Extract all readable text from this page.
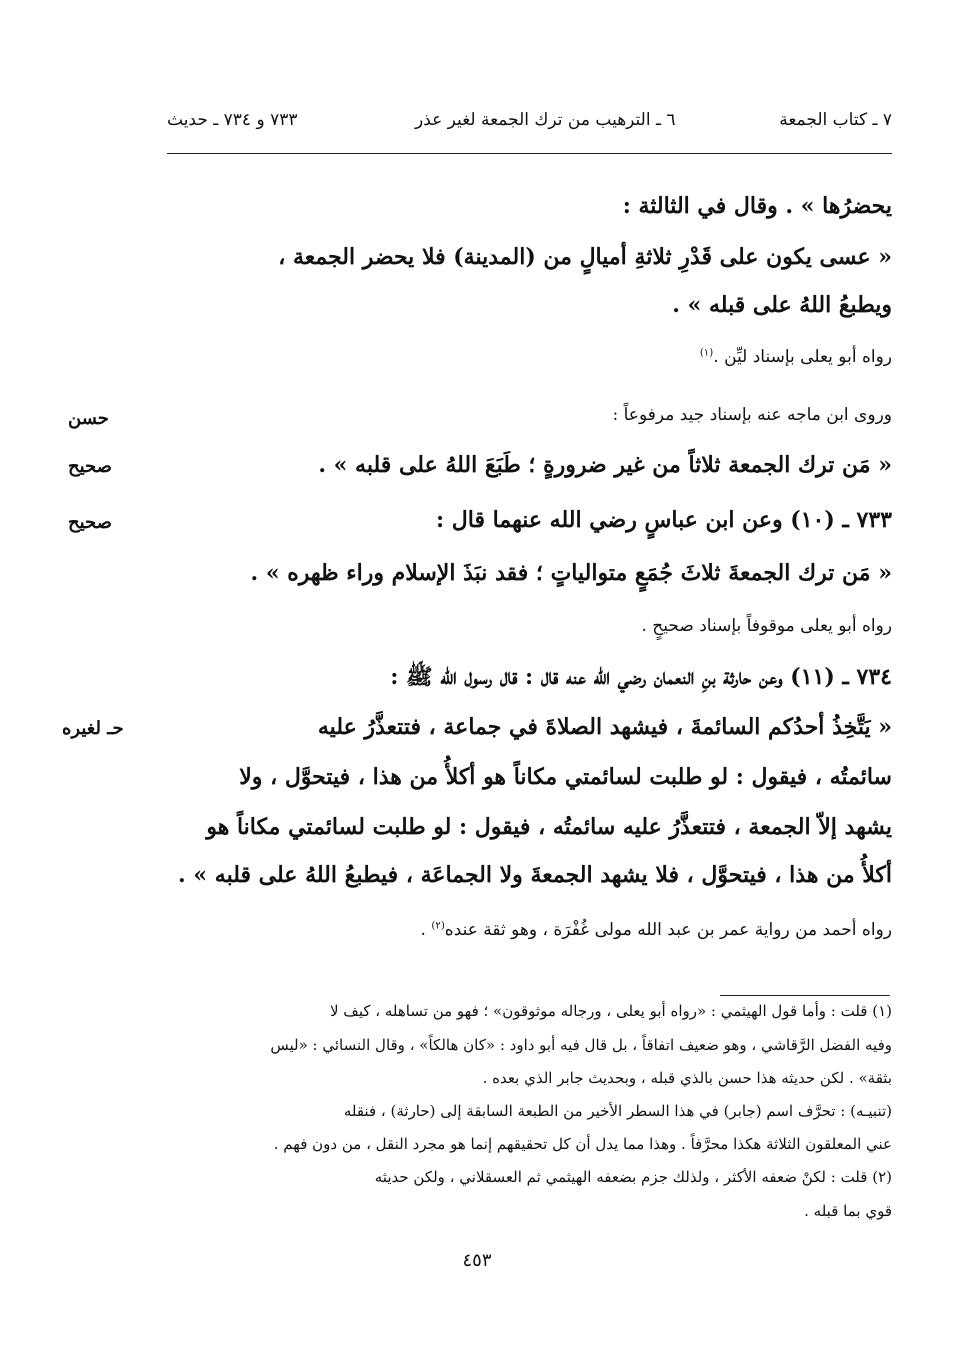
٧ ـ كتاب الجمعة
٦ ـ الترهيب من ترك الجمعة لغير عذر
٧٣٣ و ٧٣٤ ـ حديث
يحضرُها » . وقال في الثالثة :
« عسى يكون على قَدْرِ ثلاثةِ أميالٍ من (المدينة) فلا يحضر الجمعة ،
ويطبعُ اللهُ على قبله » .
رواه أبو يعلى بإسناد ليِّن .$^{(١)}$
وروى ابن ماجه عنه بإسناد جيد مرفوعاً :
« مَن ترك الجمعة ثلاثاً من غير ضرورةٍ ؛ طَبَعَ اللهُ على قلبه » .
٧٣٣ ـ (١٠) وعن ابن عباسٍ رضي الله عنهما قال :
« مَن ترك الجمعةَ ثلاثَ جُمَعٍ متوالياتٍ ؛ فقد نبَذَ الإسلام وراء ظهره » .
رواه أبو يعلى موقوفاً بإسناد صحيحٍ .
٧٣٤ ـ (١١) وعن حارثة بنِ النعمان رضي الله عنه قال : قال رسول الله ﷺ :
« يَتَّخِذُ أحدُكم السائمةَ ، فيشهد الصلاةَ في جماعة ، فتتعذَّرُ عليه
سائمتُه ، فيقول : لو طلبت لسائمتي مكاناً هو أكلأُ من هذا ، فيتحوَّل ، ولا
يشهد إلاّ الجمعة ، فتتعذَّرُ عليه سائمتُه ، فيقول : لو طلبت لسائمتي مكاناً هو
أكلأُ من هذا ، فيتحوَّل ، فلا يشهد الجمعةَ ولا الجماعَة ، فيطبعُ اللهُ على قلبه » .
رواه أحمد من رواية عمر بن عبد الله مولى غُفْرَة ، وهو ثقة عنده$^{(٢)}$ .
حسن
صحيح
صحيح
حـ لغيره
(١) قلت : وأما قول الهيثمي : «رواه أبو يعلى ، ورجاله موثوقون» ؛ فهو من تساهله ، كيف لا
وفيه الفضل الرَّقاشي ، وهو ضعيف اتفاقاً ، بل قال فيه أبو داود : «كان هالكاً» ، وقال النسائي : «ليس
بثقة» . لكن حديثه هذا حسن بالذي قبله ، وبحديث جابر الذي بعده .
(تنبيـه) : تحرَّف اسم (جابر) في هذا السطر الأخير من الطبعة السابقة إلى (حارثة) ، فنقله
عني المعلقون الثلاثة هكذا محرَّفاً . وهذا مما يدل أن كل تحقيقهم إنما هو مجرد النقل ، من دون فهم .
(٢) قلت : لكنْ ضعفه الأكثر ، ولذلك جزم بضعفه الهيثمي ثم العسقلاني ، ولكن حديثه
قوي بما قبله .
٤٥٣
